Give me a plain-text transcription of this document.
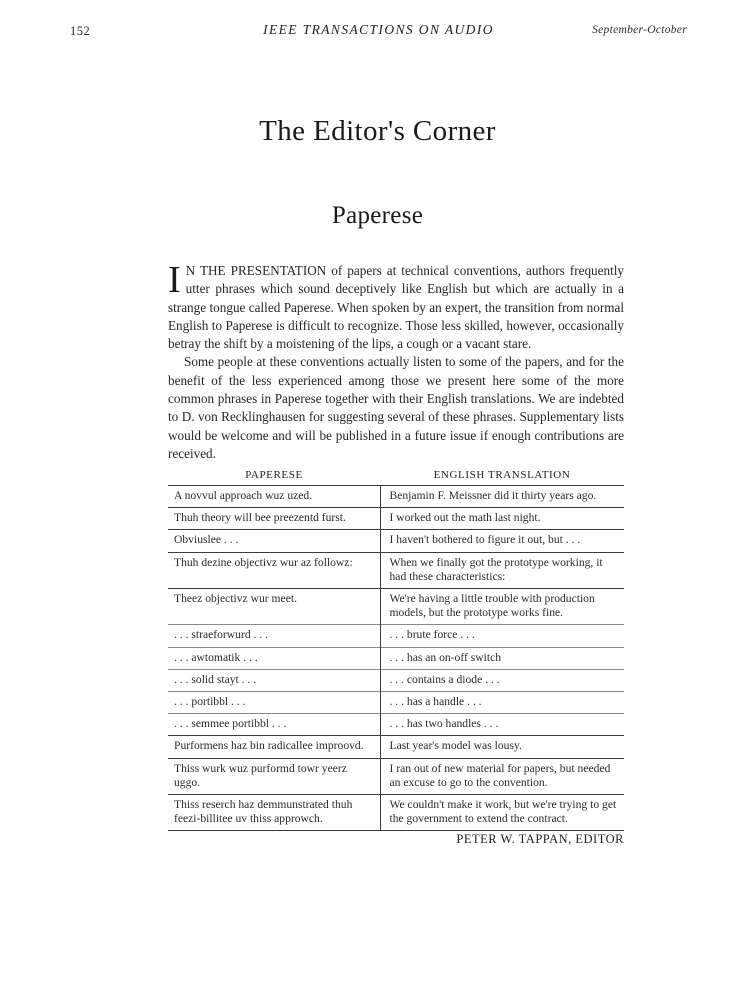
152	IEEE TRANSACTIONS ON AUDIO	September-October
The Editor's Corner
Paperese

I N THE PRESENTATION of papers at technical conventions, authors frequently utter phrases which sound deceptively like English but which are actually in a strange tongue called Paperese. When spoken by an expert, the transition from normal English to Paperese is difficult to recognize. Those less skilled, however, occasionally betray the shift by a moistening of the lips, a cough or a vacant stare.

Some people at these conventions actually listen to some of the papers, and for the benefit of the less experienced among those we present here some of the more common phrases in Paperese together with their English translations. We are indebted to D. von Recklinghausen for suggesting several of these phrases. Supplementary lists would be welcome and will be published in a future issue if enough contributions are received.

PAPERESE	ENGLISH TRANSLATION
A novvul approach wuz uzed.	Benjamin F. Meissner did it thirty years ago.
Thuh theory will bee preezentd furst.	I worked out the math last night.
Obviuslee . . .	I haven't bothered to figure it out, but . . .
Thuh dezine objectivz wur az followz:	When we finally got the prototype working, it had these characteristics:
Theez objectivz wur meet.	We're having a little trouble with production models, but the prototype works fine.
. . . straeforwurd . . .	. . . brute force . . .
. . . awtomatik . . .	. . . has an on-off switch
. . . solid stayt . . .	. . . contains a diode . . .
. . . portibbl . . .	. . . has a handle . . .
. . . semmee portibbl . . .	. . . has two handles . . .
Purformens haz bin radicallee improovd.	Last year's model was lousy.
Thiss wurk wuz purformd towr yeerz uggo.	I ran out of new material for papers, but needed an excuse to go to the convention.
Thiss reserch haz demmunstrated thuh feezi-billitee uv thiss approwch.	We couldn't make it work, but we're trying to get the government to extend the contract.
PETER W. TAPPAN, EDITOR
